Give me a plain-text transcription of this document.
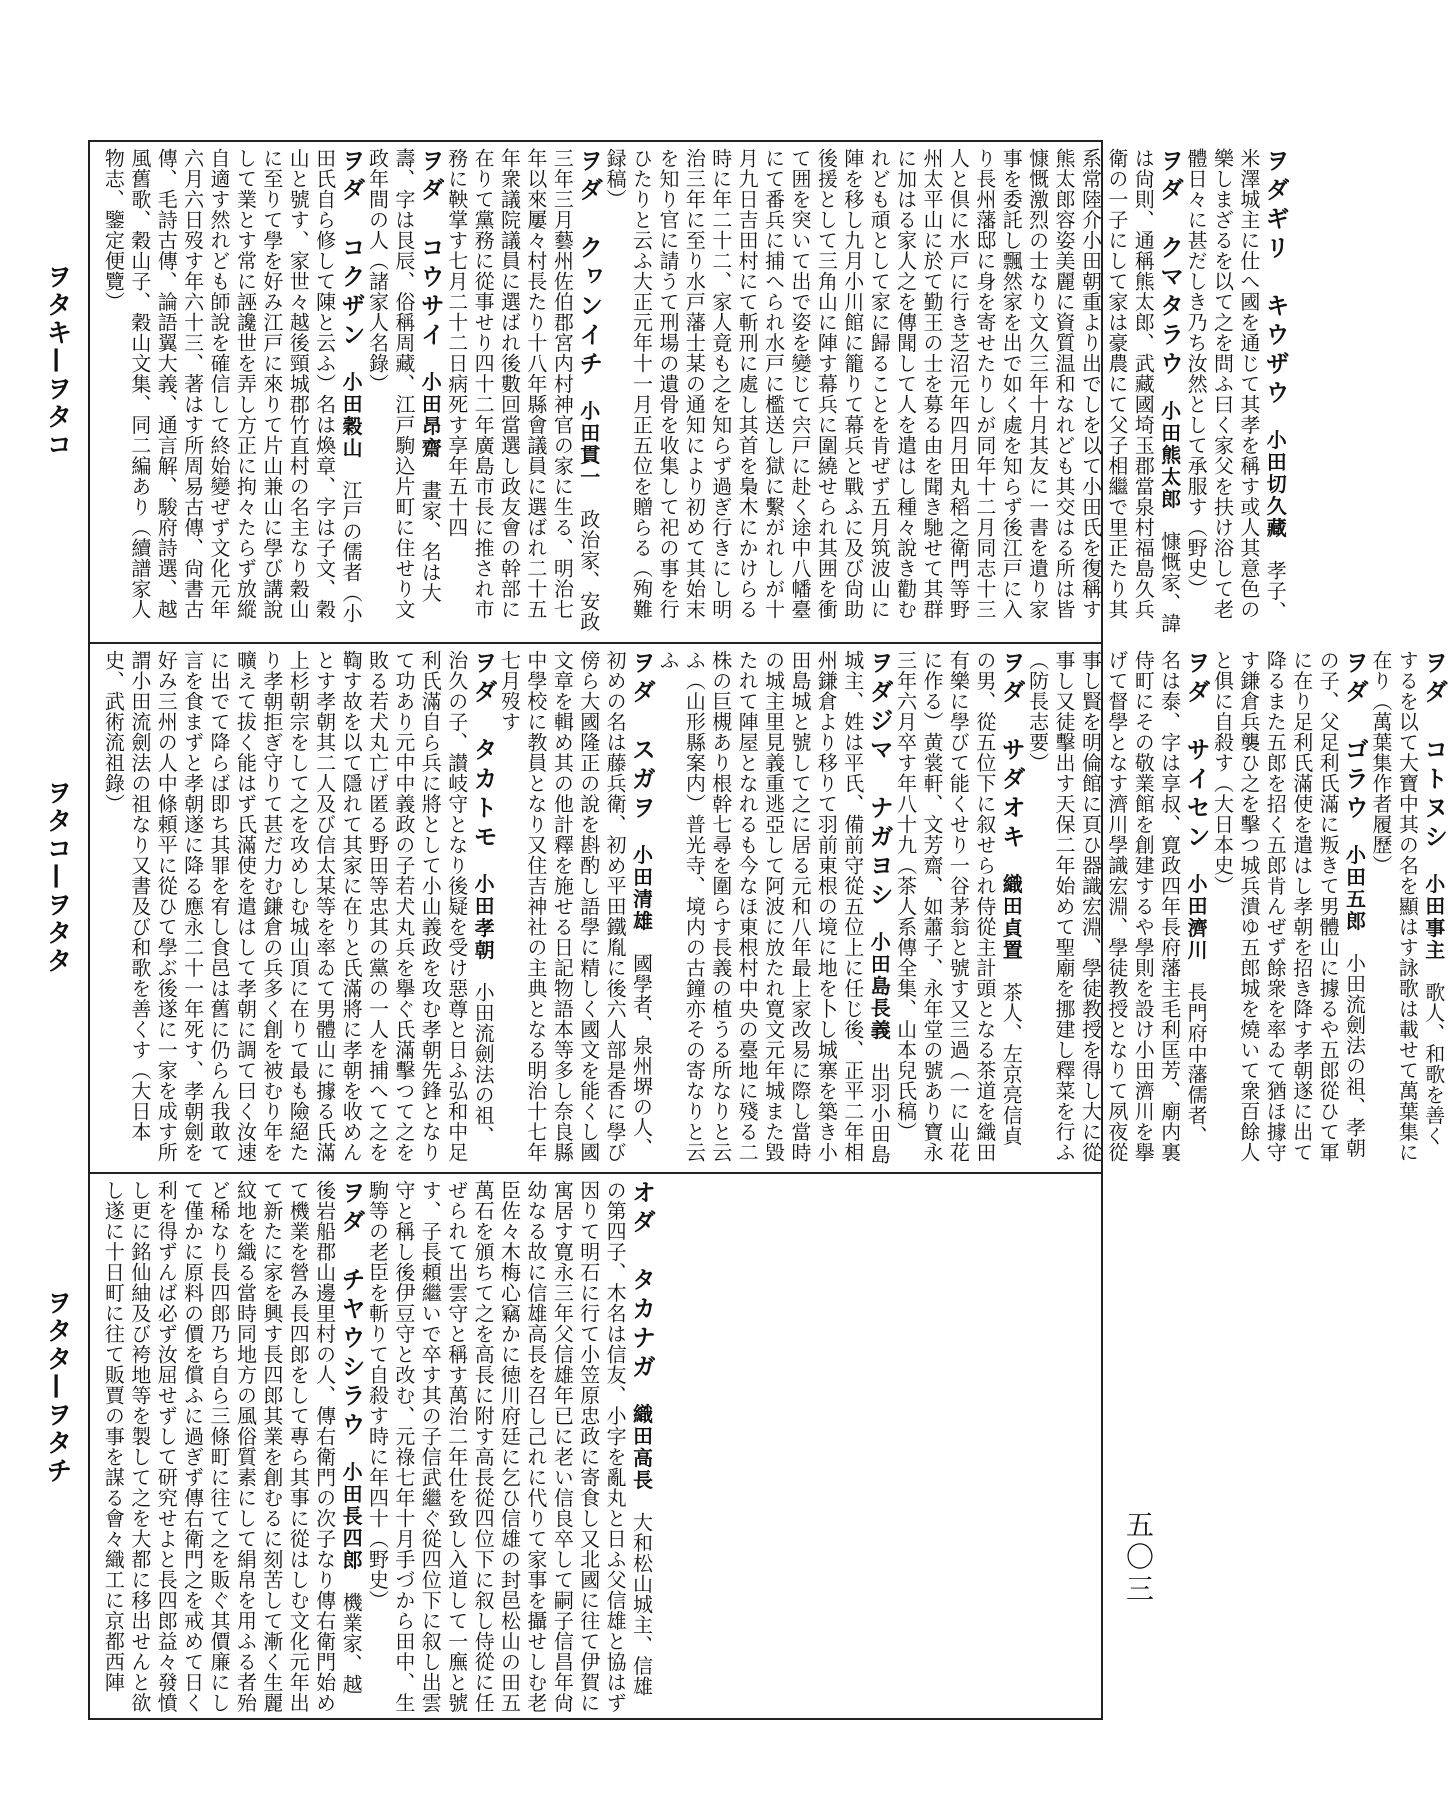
ヲタキ—ヲタコ
ヲタコ—ヲタタ
ヲタタ—ヲタチ
ヲダギリ　キウザウ　小田切久藏　孝子、米澤城主に仕へ國を通じて其孝を稱す或人其意色の樂しまざるを以て之を問ふ曰く家父を扶け浴して老體日々に甚だしき乃ち汝然として承服す（野史）
ヲダ　クマタラウ　小田熊太郎　慷慨家、諱は尙則、通稱熊太郎、武藏國埼玉郡當泉村福島久兵衛の一子にして家は豪農にて父子相繼で里正たり其系常陸介小田朝重より出でしを以て小田氏を復稱す熊太郎容姿美麗に資質温和なれども其交はる所は皆慷慨激烈の士なり文久三年十月其友に一書を遺り家事を委託し飄然家を出で如く處を知らず後江戸に入り長州藩邸に身を寄せたりしが同年十二月同志十三人と倶に水戸に行き芝沼元年四月田丸稻之衛門等野州太平山に於て勤王の士を募る由を聞き馳せて其群に加はる家人之を傳聞して人を遣はし種々說き勸むれども頑として家に歸ることを肯ぜず五月筑波山に陣を移し九月小川館に籠りて幕兵と戰ふに及び尙助後援として三角山に陣す幕兵に圍繞せられ其囲を衝て囲を突いて出で姿を變じて宍戸に赴く途中八幡臺にて番兵に捕へられ水戸に檻送し獄に繫がれしが十月九日吉田村にて斬刑に處し其首を梟木にかけらる時に年二十二、家人竟も之を知らず過ぎ行きにし明治三年に至り水戸藩士某の通知により初めて其始末を知り官に請うて刑場の遺骨を收集して祀の事を行ひたりと云ふ大正元年十一月正五位を贈らる（殉難録稿）
ヲダ　クヮンイチ　小田貫一　政治家、安政三年三月藝州佐伯郡宮内村神官の家に生る、明治七年以來屢々村長たり十八年縣會議員に選ばれ二十五年衆議院議員に選ばれ後數回當選し政友會の幹部に在りて黨務に從事せり四十二年廣島市長に推され市務に鞅掌す七月二十二日病死す享年五十四
ヲダ　コウサイ　小田昂齋　畫家、名は大壽、字は艮辰、俗稱周藏、江戸駒込片町に住せり文政年間の人（諸家人名錄）
ヲダ　コクザン　小田穀山　江戸の儒者（小田氏自ら修して陳と云ふ）名は煥章、字は子文、穀山と號す、家世々越後頸城郡竹直村の名主なり穀山に至りて學を好み江戸に來りて片山兼山に學び講說して業とす常に誣讒世を弄し方正に拘々たらず放縱自適す然れども師說を確信して終始變ぜず文化元年六月六日歿す年六十三、著はす所周易古傳、尙書古傳、毛詩古傳、論語翼大義、通言解、駿府詩選、越風舊歌、穀山子、穀山文集、同二編あり（續譜家人物志、鑒定便覽）

ヲダ　コトヌシ　小田事主　歌人、和歌を善くするを以て大寶中其の名を顯はす詠歌は載せて萬葉集に在り（萬葉集作者履歷）
ヲダ　ゴラウ　小田五郎　小田流劍法の祖、孝朝の子、父足利氏滿に叛きて男體山に據るや五郎從ひて軍に在り足利氏滿使を遣はし孝朝を招き降す孝朝遂に出て降るまた五郎を招く五郎肯んぜず餘衆を率ゐて猶ほ據守す鎌倉兵襲ひ之を擊つ城兵潰ゆ五郎城を燒いて衆百餘人と俱に自殺す（大日本史）
ヲダ　サイセン　小田濟川　長門府中藩儒者、名は泰、字は享叔、寛政四年長府藩主毛利匡芳、廟内裏侍町にその敬業館を創建するや學則を設け小田濟川を擧げて督學となす濟川學識宏淵、學徒教授となりて夙夜從事し賢を明倫館に頁ひ器識宏淵、學徒教授を得し大に從事し又徒擊出す天保二年始めて聖廟を挪建し釋菜を行ふ（防長志要）
ヲダ　サダオキ　織田貞置　茶人、左京亮信貞の男、從五位下に叙せられ侍從主計頭となる茶道を織田有樂に學びて能くせり一谷茅翁と號す又三過（一に山花に作る）黄裳軒、文芳齋、如蕭子、永年堂の號あり寶永三年六月卒す年八十九（茶人系傳全集、山本兒氏稿）
ヲダジマ　ナガヨシ　小田島長義　出羽小田島城主、姓は平氏、備前守從五位上に任じ後、正平二年相州鎌倉より移りて羽前東根の境に地を卜し城寨を築き小田島城と號して之に居る元和八年最上家改易に際し當時の城主里見義重逃亞して阿波に放たれ寛文元年城また毀たれて陣屋となれるも今なほ東根村中央の臺地に殘る二株の巨槻あり根幹七尋を圍らす長義の植うる所なりと云ふ（山形縣案内）普光寺、境内の古鐘亦その寄なりと云ふ
ヲダ　スガヲ　小田清雄　國學者、泉州堺の人、初めの名は藤兵衛、初め平田鐵胤に後六人部是香に學び傍ら大國隆正の說を斟酌し語學に精しく國文を能くし國文章を輯め其の他計釋を施せる日記物語本等多し奈良縣中學校に教員となり又住吉神社の主典となる明治十七年七月歿す
ヲダ　タカトモ　小田孝朝　小田流劍法の祖、治久の子、讃岐守となり後疑を受け惡尊と日ふ弘和中足利氏滿自ら兵に將として小山義政を攻む孝朝先鋒となりて功あり元中中義政の子若犬丸兵を擧ぐ氏滿擊つて之を敗る若犬丸亡げ匿る野田等忠其の黨の一人を捕へて之を鞫す故を以て隱れて其家に在りと氏滿將に孝朝を收めんとす孝朝其二人及び信太某等を率ゐて男體山に據る氏滿上杉朝宗をして之を攻めしむ城山頂に在りて最も險絕たり孝朝拒ぎ守りて甚だ力む鎌倉の兵多く創を被むり年を曠えて拔く能はず氏滿使を遣はして孝朝に調て曰く汝速に出でて降らば即ち其罪を宥し食邑は舊に仍らん我敢て言を食まずと孝朝遂に降る應永二十一年死す、孝朝劍を好み三州の人中條頼平に從ひて學ぶ後遂に一家を成す所謂小田流劍法の祖なり又書及び和歌を善くす（大日本史、武術流祖錄）

オダ　タカナガ　織田高長　大和松山城主、信雄の第四子、木名は信友、小字を亂丸と日ふ父信雄と協はず因りて明石に行て小笠原忠政に寄食し又北國に往て伊賀に寓居す寛永三年父信雄年已に老い信良卒して嗣子信昌年尙幼なる故に信雄高長を召し己れに代りて家事を攝せしむ老臣佐々木梅心竊かに徳川府廷に乞ひ信雄の封邑松山の田五萬石を頒ちて之を高長に附す高長從四位下に叙し侍從に任ぜられて出雲守と稱す萬治二年仕を致し入道して一廡と號す、子長頼繼いで卒す其の子信武繼ぐ從四位下に叙し出雲守と稱し後伊豆守と改む、元祿七年十月手づから田中、生駒等の老臣を斬りて自殺す時に年四十（野史）
ヲダ　チヤウシラウ　小田長四郎　機業家、越後岩船郡山邊里村の人、傳右衛門の次子なり傳右衛門始めて機業を營み長四郎をして專ら其事に從はしむ文化元年出て新たに家を興す長四郎其業を創むるに刻苦して漸く生麗紋地を織る當時同地方の風俗質素にして絹帛を用ふる者殆ど稀なり長四郎乃ち自ら三條町に往て之を販ぐ其價廉にして僅かに原料の價を償ふに過ぎず傳右衛門之を戒めて日く利を得ずんば必ず汝屈せずして研究せよと長四郎益々發憤し更に銘仙紬及び袴地等を製して之を大都に移出せんと欲し遂に十日町に往て販賈の事を謀る會々織工に京都西陣	五〇三
